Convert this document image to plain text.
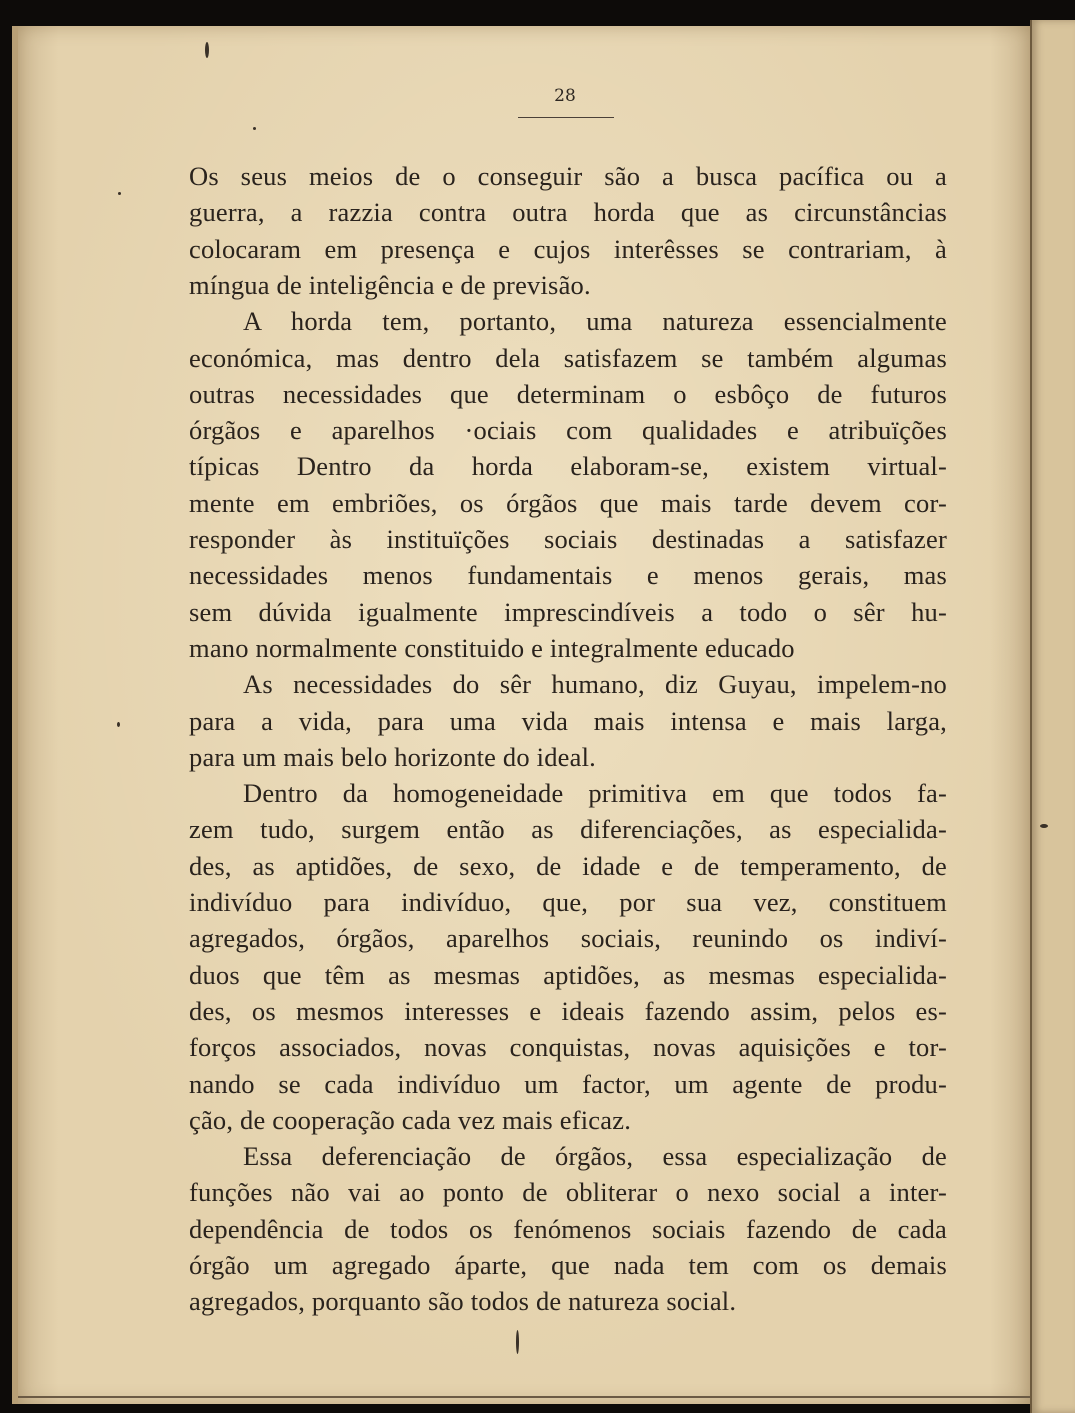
28

Os seus meios de o conseguir são a busca pacífica ou a

guerra, a razzia contra outra horda que as circunstâncias

colocaram em presença e cujos interêsses se contrariam, à

míngua de inteligência e de previsão.

A horda tem, portanto, uma natureza essencialmente

económica, mas dentro dela satisfazem se também algumas

outras necessidades que determinam o esbôço de futuros

órgãos e aparelhos ·ociais com qualidades e atribuïções

típicas Dentro da horda elaboram-se, existem virtual-

mente em embriões, os órgãos que mais tarde devem cor-

responder às instituïções sociais destinadas a satisfazer

necessidades menos fundamentais e menos gerais, mas

sem dúvida igualmente imprescindíveis a todo o sêr hu-

mano normalmente constituido e integralmente educado

As necessidades do sêr humano, diz Guyau, impelem-no

para a vida, para uma vida mais intensa e mais larga,

para um mais belo horizonte do ideal.

Dentro da homogeneidade primitiva em que todos fa-

zem tudo, surgem então as diferenciações, as especialida-

des, as aptidões, de sexo, de idade e de temperamento, de

indivíduo para indivíduo, que, por sua vez, constituem

agregados, órgãos, aparelhos sociais, reunindo os indiví-

duos que têm as mesmas aptidões, as mesmas especialida-

des, os mesmos interesses e ideais fazendo assim, pelos es-

forços associados, novas conquistas, novas aquisições e tor-

nando se cada indivíduo um factor, um agente de produ-

ção, de cooperação cada vez mais eficaz.

Essa deferenciação de órgãos, essa especialização de

funções não vai ao ponto de obliterar o nexo social a inter-

dependência de todos os fenómenos sociais fazendo de cada

órgão um agregado áparte, que nada tem com os demais

agregados, porquanto são todos de natureza social.
